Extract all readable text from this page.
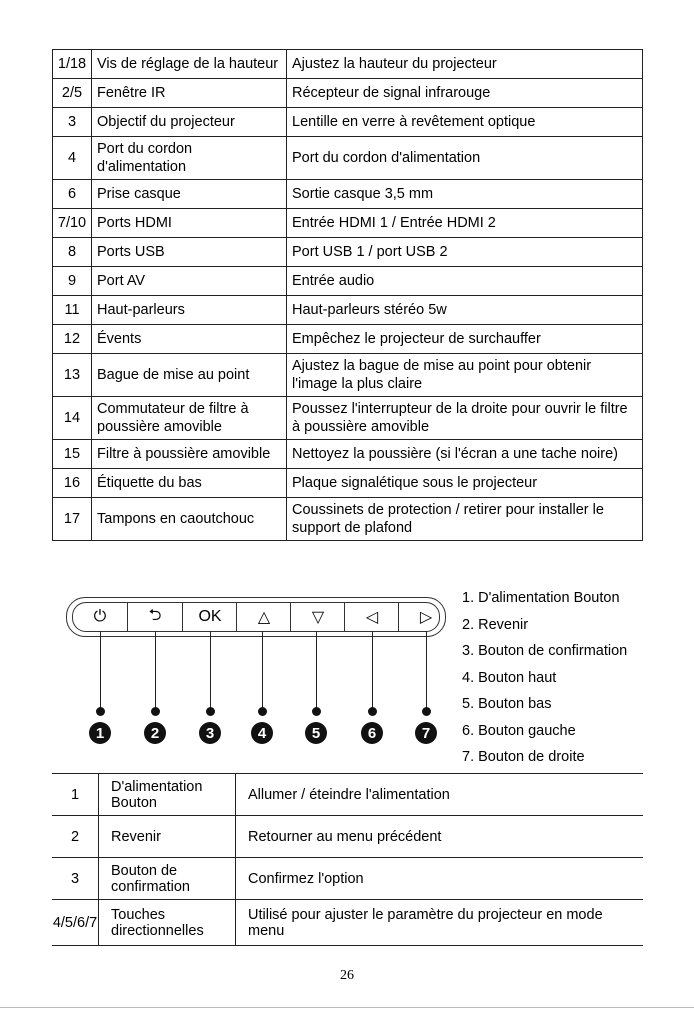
1/18	Vis de réglage de la hauteur	Ajustez la hauteur du projecteur
2/5	Fenêtre IR	Récepteur de signal infrarouge
3	Objectif du projecteur	Lentille en verre à revêtement optique
4	Port du cordon d'alimentation	Port du cordon d'alimentation
6	Prise casque	Sortie casque 3,5 mm
7/10	Ports HDMI	Entrée HDMI 1 / Entrée HDMI 2
8	Ports USB	Port USB 1 / port USB 2
9	Port AV	Entrée audio
11	Haut-parleurs	Haut-parleurs stéréo 5w
12	Évents	Empêchez le projecteur de surchauffer
13	Bague de mise au point	Ajustez la bague de mise au point pour obtenir l'image la plus claire
14	Commutateur de filtre à poussière amovible	Poussez l'interrupteur de la droite pour ouvrir le filtre à poussière amovible
15	Filtre à poussière amovible	Nettoyez la poussière (si l'écran a une tache noire)
16	Étiquette du bas	Plaque signalétique sous le projecteur
17	Tampons en caoutchouc	Coussinets de protection / retirer pour installer le support de plafond
⏻	⮌	OK	△	▽	◁	▷
1	2	3	4	5	6	7
1. D'alimentation Bouton
2. Revenir
3. Bouton de confirmation
4. Bouton haut
5. Bouton bas
6. Bouton gauche
7. Bouton de droite
1	D'alimentation Bouton	Allumer / éteindre l'alimentation
2	Revenir	Retourner au menu précédent
3	Bouton de confirmation	Confirmez l'option
4/5/6/7	Touches directionnelles	Utilisé pour ajuster le paramètre du projecteur en mode menu
26
